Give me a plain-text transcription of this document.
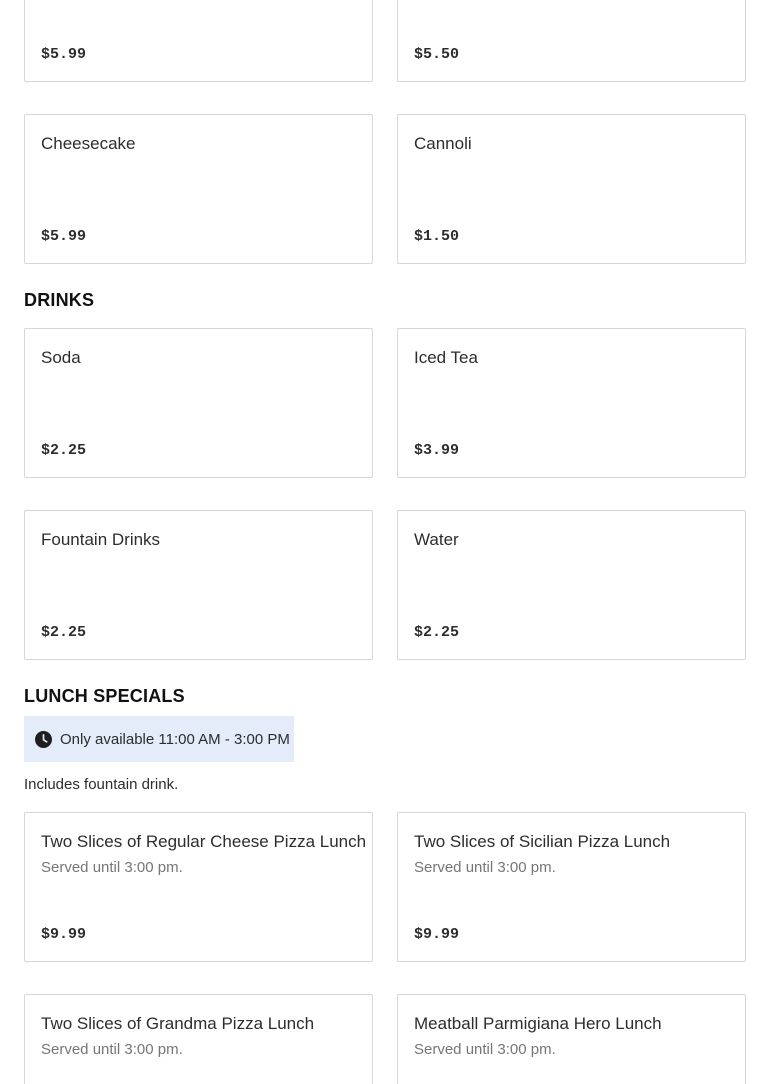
$5.99	$5.50
Cheesecake
$5.99
Cannoli
$1.50
DRINKS
Soda
$2.25
Iced Tea
$3.99
Fountain Drinks
$2.25
Water
$2.25
LUNCH SPECIALS
Only available 11:00 AM - 3:00 PM
Includes fountain drink.
Two Slices of Regular Cheese Pizza Lunch
Served until 3:00 pm.
$9.99
Two Slices of Sicilian Pizza Lunch
Served until 3:00 pm.
$9.99
Two Slices of Grandma Pizza Lunch
Served until 3:00 pm.
Meatball Parmigiana Hero Lunch
Served until 3:00 pm.
